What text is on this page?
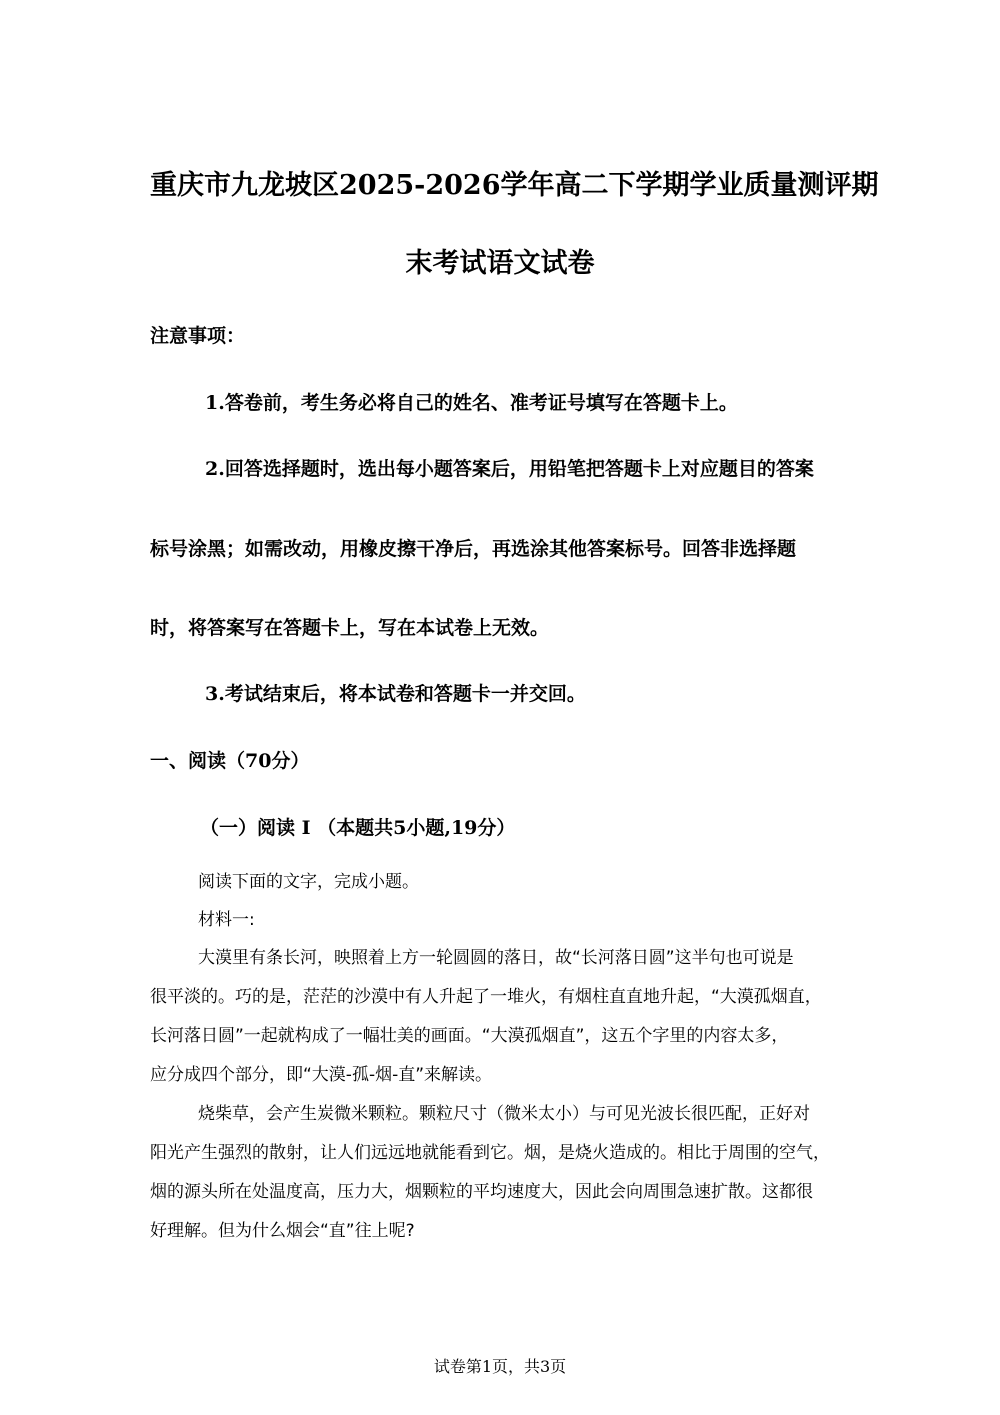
重庆市九龙坡区2025-2026学年高二下学期学业质量测评期
末考试语文试卷
注意事项：
1.答卷前，考生务必将自己的姓名、准考证号填写在答题卡上。
2.回答选择题时，选出每小题答案后，用铅笔把答题卡上对应题目的答案
标号涂黑；如需改动，用橡皮擦干净后，再选涂其他答案标号。回答非选择题
时，将答案写在答题卡上，写在本试卷上无效。
3.考试结束后，将本试卷和答题卡一并交回。
一、阅读（70分）
（一）阅读 I （本题共5小题,19分）
阅读下面的文字，完成小题。
材料一:
大漠里有条长河，映照着上方一轮圆圆的落日，故“长河落日圆”这半句也可说是
很平淡的。巧的是，茫茫的沙漠中有人升起了一堆火，有烟柱直直地升起，“大漠孤烟直，
长河落日圆”一起就构成了一幅壮美的画面。“大漠孤烟直”，这五个字里的内容太多，
应分成四个部分，即“大漠-孤-烟-直”来解读。
烧柴草，会产生炭微米颗粒。颗粒尺寸（微米太小）与可见光波长很匹配，正好对
阳光产生强烈的散射，让人们远远地就能看到它。烟，是烧火造成的。相比于周围的空气，
烟的源头所在处温度高，压力大，烟颗粒的平均速度大，因此会向周围急速扩散。这都很
好理解。但为什么烟会“直”往上呢?
试卷第1页，共3页
